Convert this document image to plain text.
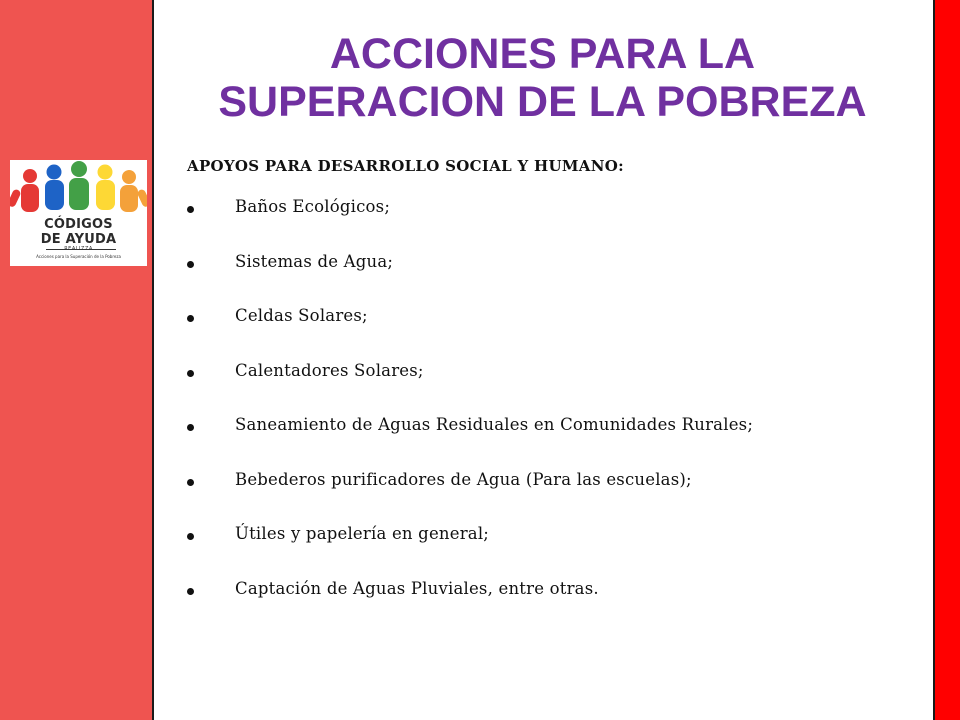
CÓDIGOS
DE AYUDA
REALIZZA
Acciones para la Superación de la Pobreza
ACCIONES PARA LA
SUPERACION DE LA POBREZA

APOYOS PARA DESARROLLO SOCIAL Y HUMANO:

Baños Ecológicos;
Sistemas de Agua;
Celdas Solares;
Calentadores Solares;
Saneamiento de Aguas Residuales en Comunidades Rurales;
Bebederos purificadores de Agua (Para las escuelas);
Útiles y papelería en general;
Captación de Aguas Pluviales, entre otras.
